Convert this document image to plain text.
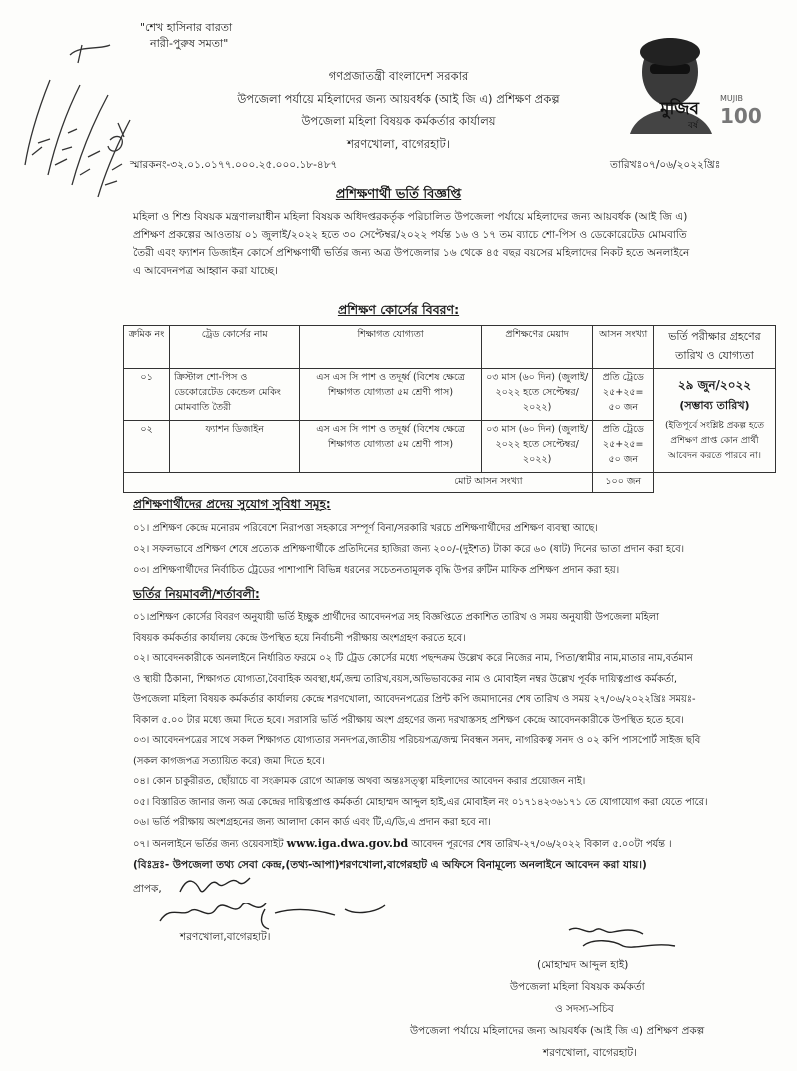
"শেখ হাসিনার বারতা
নারী-পুরুষ সমতা"
মুজিব
বর্ষ
MUJIB
100
গণপ্রজাতন্ত্রী বাংলাদেশ সরকার
উপজেলা পর্যায়ে মহিলাদের জন্য আয়বর্ধক (আই জি এ) প্রশিক্ষণ প্রকল্প
উপজেলা মহিলা বিষয়ক কর্মকর্তার কার্যালয়
শরণখোলা, বাগেরহাট।
স্মারকনং-৩২.০১.০১৭৭.০০০.২৫.০০০.১৮-৪৮৭	তারিখঃ০৭/০৬/২০২২খ্রিঃ
প্রশিক্ষণার্থী ভর্তি বিজ্ঞপ্তি
মহিলা ও শিশু বিষয়ক মন্ত্রণালয়াধীন মহিলা বিষয়ক অধিদপ্তরকর্তৃক পরিচালিত উপজেলা পর্যায়ে মহিলাদের জন্য আয়বর্ধক (আই জি এ)
প্রশিক্ষণ প্রকল্পের আওতায় ০১ জুলাই/২০২২ হতে ৩০ সেপ্টেম্বর/২০২২ পর্যন্ত ১৬ ও ১৭ তম ব্যাচে শো-পিস ও ডেকোরেটেড মোমবাতি
তৈরী এবং ফ্যাশন ডিজাইন কোর্সে প্রশিক্ষণার্থী ভর্তির জন্য অত্র উপজেলার ১৬ থেকে ৪৫ বছর বয়সের মহিলাদের নিকট হতে অনলাইনে
এ আবেদনপত্র আহ্বান করা যাচ্ছে।
প্রশিক্ষণ কোর্সের বিবরণ:
ক্রমিক নং	ট্রেড কোর্সের নাম	শিক্ষাগত যোগ্যতা	প্রশিক্ষণের মেয়াদ	আসন সংখ্যা	ভর্তি পরীক্ষার গ্রহণের তারিখ ও যোগ্যতা
০১	ক্রিস্টাল শো-পিস ও ডেকোরেটেড কেন্ডেল মেকিং মোমবাতি তৈরী	এস এস সি পাশ ও তদূর্ধ্ব (বিশেষ ক্ষেত্রে শিক্ষাগত যোগ্যতা ৫ম শ্রেণী পাস)	০৩ মাস (৬০ দিন) (জুলাই/২০২২ হতে সেপ্টেম্বর/২০২২)	প্রতি ট্রেডে ২৫+২৫= ৫০ জন	২৯ জুন/২০২২
(সম্ভাব্য তারিখ)
(ইতিপূর্বে সংশ্লিষ্ট প্রকল্প হতে প্রশিক্ষণ প্রাপ্ত কোন প্রার্থী আবেদন করতে পারবে না।

০২	ফ্যাশন ডিজাইন	এস এস সি পাশ ও তদূর্ধ্ব (বিশেষ ক্ষেত্রে শিক্ষাগত যোগ্যতা ৫ম শ্রেণী পাস)	০৩ মাস (৬০ দিন) (জুলাই/২০২২ হতে সেপ্টেম্বর/২০২২)	প্রতি ট্রেডে ২৫+২৫= ৫০ জন	
মোট আসন সংখ্যা				১০০ জন	
প্রশিক্ষণার্থীদের প্রদেয় সুযোগ সুবিধা সমূহ:
০১। প্রশিক্ষণ কেন্দ্রে মনোরম পরিবেশে নিরাপত্তা সহকারে সম্পূর্ণ বিনা/সরকারি খরচে প্রশিক্ষণার্থীদের প্রশিক্ষণ ব্যবস্থা আছে।
০২। সফলভাবে প্রশিক্ষণ শেষে প্রত্যেক প্রশিক্ষণার্থীকে প্রতিদিনের হাজিরা জন্য ২০০/-(দুইশত) টাকা করে ৬০ (ষাট) দিনের ভাতা প্রদান করা হবে।
০৩। প্রশিক্ষণার্থীদের নির্বাচিত ট্রেডের পাশাপাশি বিভিন্ন ধরনের সচেতনতামূলক বৃদ্ধি উপর রুটিন মাফিক প্রশিক্ষণ প্রদান করা হয়।
ভর্তির নিয়মাবলী/শর্তাবলী:
০১।প্রশিক্ষণ কোর্সের বিবরণ অনুযায়ী ভর্তি ইচ্ছুক প্রার্থীদের আবেদনপত্র সহ বিজ্ঞপ্তিতে প্রকাশিত তারিখ ও সময় অনুযায়ী উপজেলা মহিলা
বিষয়ক কর্মকর্তার কার্যালয় কেন্দ্রে উপস্থিত হয়ে নির্বাচনী পরীক্ষায় অংশগ্রহণ করতে হবে।
০২। আবেদনকারীকে অনলাইনে নির্ধারিত ফরমে ০২ টি ট্রেড কোর্সের মধ্যে পছন্দক্রম উল্লেখ করে নিজের নাম, পিতা/স্বামীর নাম,মাতার নাম,বর্তমান
ও স্থায়ী ঠিকানা, শিক্ষাগত যোগ্যতা,বৈবাহিক অবস্থা,ধর্ম,জন্ম তারিখ,বয়স,অভিভাবকের নাম ও মোবাইল নম্বর উল্লেখ পূর্বক দায়িত্বপ্রাপ্ত কর্মকর্তা,
উপজেলা মহিলা বিষয়ক কর্মকর্তার কার্যালয় কেন্দ্রে শরণখোলা, আবেদনপত্রের প্রিন্ট কপি জমাদানের শেষ তারিখ ও সময় ২৭/০৬/২০২২খ্রিঃ সময়ঃ-
বিকাল ৫.০০ টার মধ্যে জমা দিতে হবে। সরাসরি ভর্তি পরীক্ষায় অংশ গ্রহণের জন্য দরখাস্তসহ প্রশিক্ষণ কেন্দ্রে আবেদনকারীকে উপস্থিত হতে হবে।
০৩। আবেদনপত্রের সাথে সকল শিক্ষাগত যোগ্যতার সনদপত্র,জাতীয় পরিচয়পত্র/জন্ম নিবন্ধন সনদ, নাগরিকত্ব সনদ ও ০২ কপি পাসপোর্ট সাইজ ছবি
(সকল কাগজপত্র সত্যায়িত করে) জমা দিতে হবে।
০৪। কোন চাকুরীরত, ছোঁয়াচে বা সংক্রামক রোগে আক্রান্ত অথবা অন্তঃসত্ত্বা মহিলাদের আবেদন করার প্রয়োজন নাই।
০৫। বিস্তারিত জানার জন্য অত্র কেন্দ্রের দায়িত্বপ্রাপ্ত কর্মকর্তা মোহাম্মদ আব্দুল হাই,এর মোবাইল নং ০১৭১৪২৩৬১৭১ তে যোগাযোগ করা যেতে পারে।
০৬। ভর্তি পরীক্ষায় অংশগ্রহনের জন্য আলাদা কোন কার্ড এবং টি,এ/ডি,এ প্রদান করা হবে না।
০৭। অনলাইনে ভর্তির জন্য ওয়েবসাইট www.iga.dwa.gov.bd আবেদন পূরণের শেষ তারিখ-২৭/০৬/২০২২ বিকাল ৫.০০টা পর্যন্ত ।
(বিঃদ্রঃ- উপজেলা তথ্য সেবা কেন্দ্র,(তথ্য-আপা)শরণখোলা,বাগেরহাট এ অফিসে বিনামূল্যে অনলাইনে আবেদন করা যায়।)
প্রাপক,
শরণখোলা,বাগেরহাট।
(মোহাম্মদ আব্দুল হাই)
উপজেলা মহিলা বিষয়ক কর্মকর্তা
ও সদস্য-সচিব
উপজেলা পর্যায়ে মহিলাদের জন্য আয়বর্ধক (আই জি এ) প্রশিক্ষণ প্রকল্প
শরণখোলা, বাগেরহাট।
